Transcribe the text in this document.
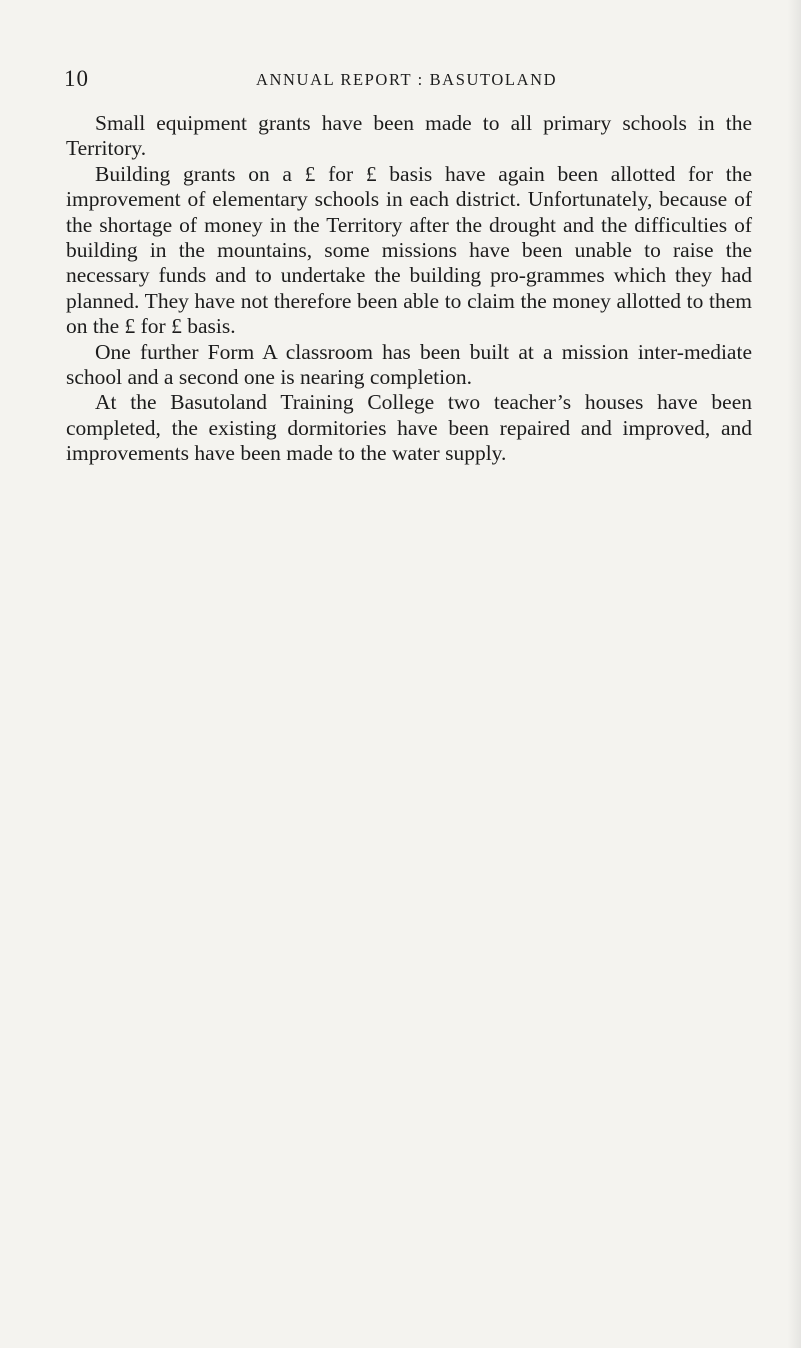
10	ANNUAL REPORT : BASUTOLAND

Small equipment grants have been made to all primary schools in the Territory.

Building grants on a £ for £ basis have again been allotted for the improvement of elementary schools in each district. Unfortunately, because of the shortage of money in the Territory after the drought and the difficulties of building in the mountains, some missions have been unable to raise the necessary funds and to undertake the building pro-grammes which they had planned. They have not therefore been able to claim the money allotted to them on the £ for £ basis.

One further Form A classroom has been built at a mission inter-mediate school and a second one is nearing completion.

At the Basutoland Training College two teacher’s houses have been completed, the existing dormitories have been repaired and improved, and improvements have been made to the water supply.
